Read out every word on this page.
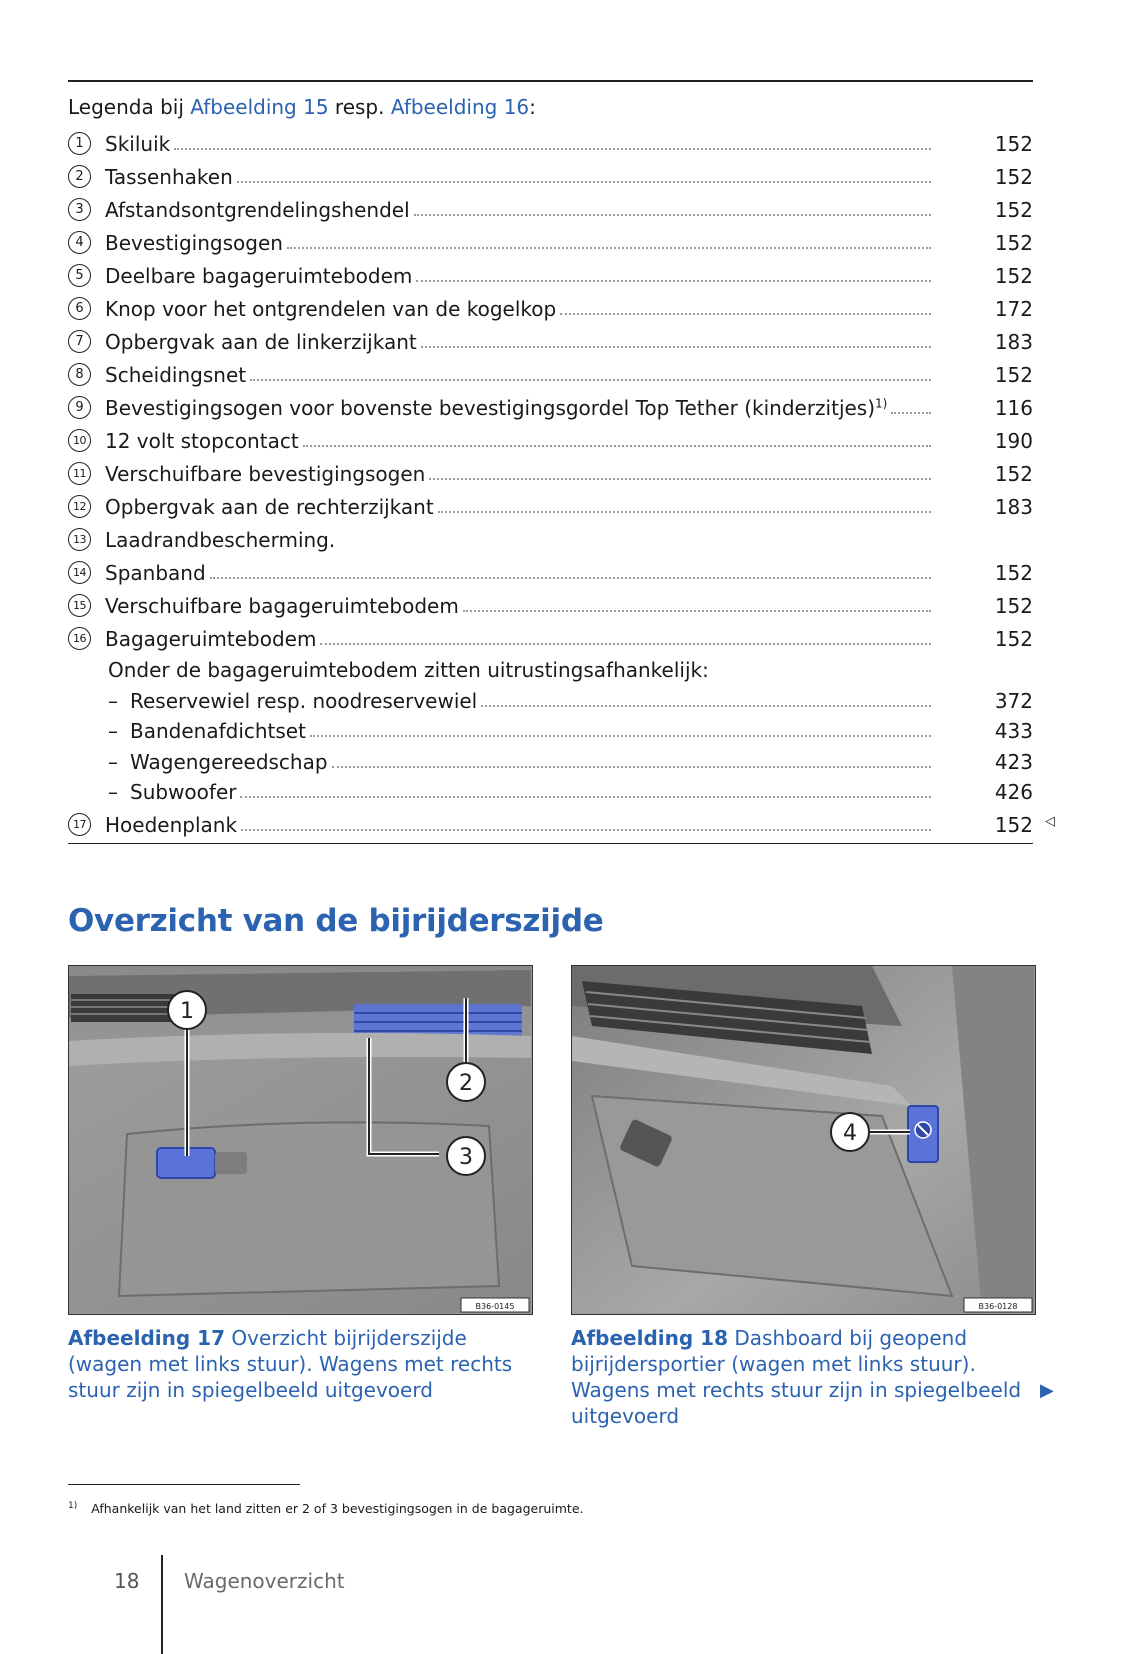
Legenda bij Afbeelding 15 resp. Afbeelding 16:
1	Skiluik	152
2	Tassenhaken	152
3	Afstandsontgrendelingshendel	152
4	Bevestigingsogen	152
5	Deelbare bagageruimtebodem	152
6	Knop voor het ontgrendelen van de kogelkop	172
7	Opbergvak aan de linkerzijkant	183
8	Scheidingsnet	152
9	Bevestigingsogen voor bovenste bevestigingsgordel Top Tether (kinderzitjes)$^{1)}$	116
10 12 volt stopcontact	190
11 Verschuifbare bevestigingsogen	152
12 Opbergvak aan de rechterzijkant	183
13 Laadrandbescherming.
14 Spanband	152
15 Verschuifbare bagageruimtebodem	152
16 Bagageruimtebodem	152
Onder de bagageruimtebodem zitten uitrustingsafhankelijk:
– Reservewiel resp. noodreservewiel	372
– Bandenafdichtset	433
– Wagengereedschap	423
– Subwoofer	426
17 Hoedenplank	152 ◁
Overzicht van de bijrijderszijde
1
2
3
B36-0145
4
B36-0128
Afbeelding 17 Overzicht bijrijderszijde (wagen met links stuur). Wagens met rechts stuur zijn in spiegelbeeld uitgevoerd
Afbeelding 18 Dashboard bij geopend bijrijdersportier (wagen met links stuur). Wagens met rechts stuur zijn in spiegelbeeld uitgevoerd
▶
$^{1)}$ Afhankelijk van het land zitten er 2 of 3 bevestigingsogen in de bagageruimte.
18 Wagenoverzicht
